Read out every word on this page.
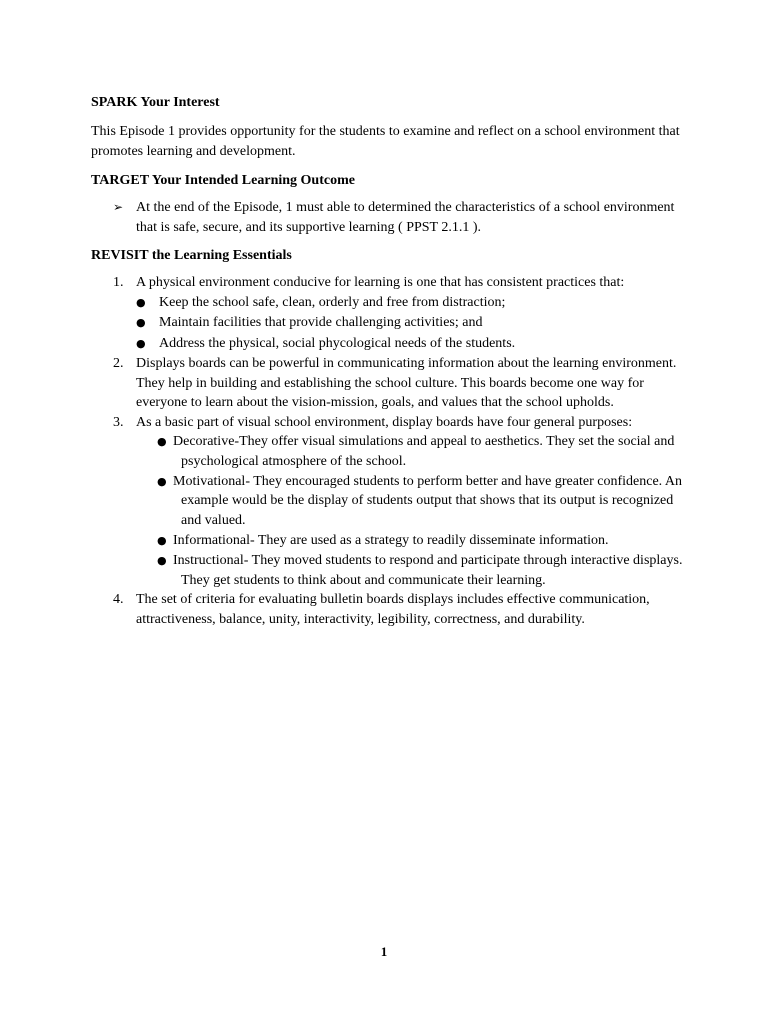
SPARK Your Interest

This Episode 1 provides opportunity for the students to examine and reflect on a school environment that promotes learning and development.

TARGET Your Intended Learning Outcome

➢ At the end of the Episode, 1 must able to determined the characteristics of a school environment that is safe, secure, and its supportive learning ( PPST 2.1.1 ).

REVISIT the Learning Essentials

1. A physical environment conducive for learning is one that has consistent practices that:
● Keep the school safe, clean, orderly and free from distraction;
● Maintain facilities that provide challenging activities; and
● Address the physical, social phycological needs of the students.
2. Displays boards can be powerful in communicating information about the learning environment. They help in building and establishing the school culture. This boards become one way for everyone to learn about the vision-mission, goals, and values that the school upholds.
3. As a basic part of visual school environment, display boards have four general purposes:
● Decorative-They offer visual simulations and appeal to aesthetics. They set the social and psychological atmosphere of the school.
● Motivational- They encouraged students to perform better and have greater confidence. An example would be the display of students output that shows that its output is recognized and valued.
● Informational- They are used as a strategy to readily disseminate information.
● Instructional- They moved students to respond and participate through interactive displays. They get students to think about and communicate their learning.
4. The set of criteria for evaluating bulletin boards displays includes effective communication, attractiveness, balance, unity, interactivity, legibility, correctness, and durability.
1
